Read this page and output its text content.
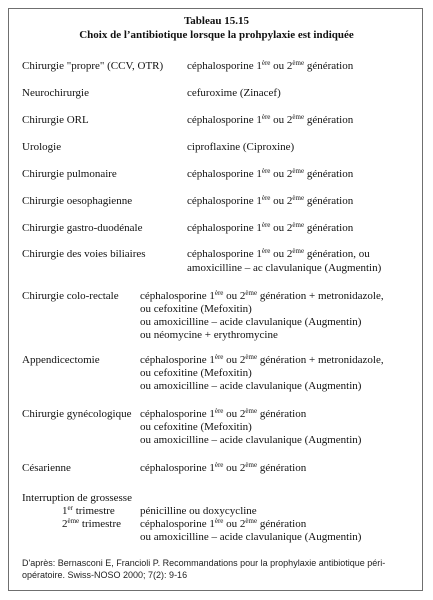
Tableau 15.15
Choix de l’antibiotique lorsque la prohpylaxie est indiquée
Chirurgie "propre" (CCV, OTR) céphalosporine 1ère ou 2ème génération
Neurochirurgie	cefuroxime (Zinacef)
Chirurgie ORL	céphalosporine 1ère ou 2ème génération
Urologie	ciproflaxine (Ciproxine)
Chirurgie pulmonaire	céphalosporine 1ère ou 2ème génération
Chirurgie oesophagienne	céphalosporine 1ère ou 2ème génération
Chirurgie gastro-duodénale	céphalosporine 1ère ou 2ème génération
Chirurgie des voies biliaires	céphalosporine 1ère ou 2ème génération, ou
amoxicilline – ac clavulanique (Augmentin)
Chirurgie colo-rectale céphalosporine 1ère ou 2ème génération + metronidazole,
ou cefoxitine (Mefoxitin)
ou amoxicilline – acide clavulanique (Augmentin)
ou néomycine + erythromycine
Appendicectomie	céphalosporine 1ère ou 2ème génération + metronidazole,
ou cefoxitine (Mefoxitin)
ou amoxicilline – acide clavulanique (Augmentin)
Chirurgie gynécologique céphalosporine 1ère ou 2ème génération
ou cefoxitine (Mefoxitin)
ou amoxicilline – acide clavulanique (Augmentin)
Césarienne	céphalosporine 1ère ou 2ème génération
Interruption de grossesse
1er trimestre pénicilline ou doxycycline
2ème trimestre céphalosporine 1ère ou 2ème génération
ou amoxicilline – acide clavulanique (Augmentin)
D'après: Bernasconi E, Francioli P. Recommandations pour la prophylaxie antibiotique péri-
opératoire. Swiss-NOSO 2000; 7(2): 9-16
